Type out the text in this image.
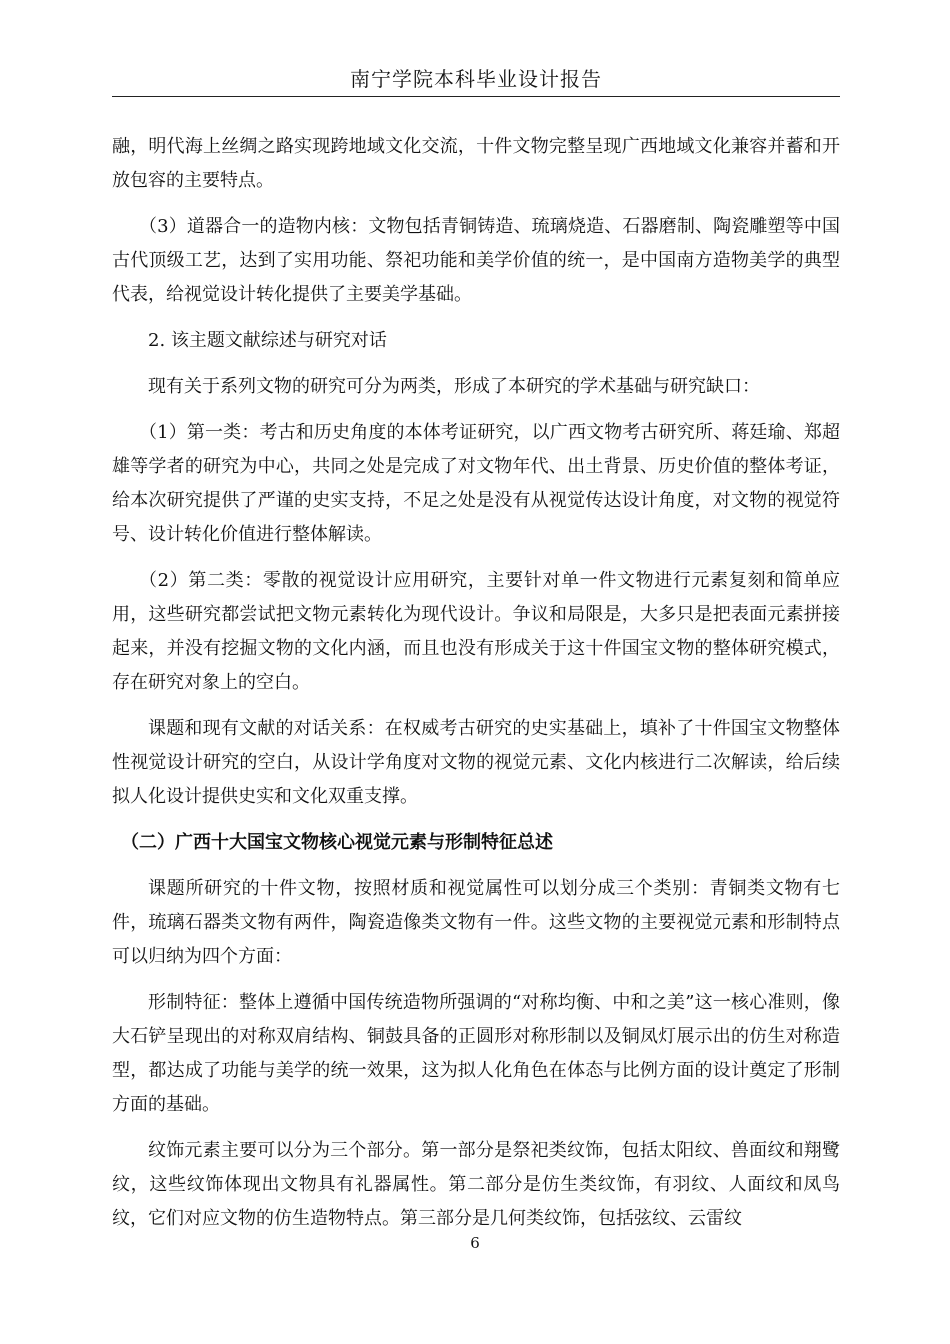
南宁学院本科毕业设计报告

融，明代海上丝绸之路实现跨地域文化交流，十件文物完整呈现广西地域文化兼容并蓄和开放包容的主要特点。

（3）道器合一的造物内核：文物包括青铜铸造、琉璃烧造、石器磨制、陶瓷雕塑等中国古代顶级工艺，达到了实用功能、祭祀功能和美学价值的统一，是中国南方造物美学的典型代表，给视觉设计转化提供了主要美学基础。

2. 该主题文献综述与研究对话

现有关于系列文物的研究可分为两类，形成了本研究的学术基础与研究缺口：

（1）第一类：考古和历史角度的本体考证研究，以广西文物考古研究所、蒋廷瑜、郑超雄等学者的研究为中心，共同之处是完成了对文物年代、出土背景、历史价值的整体考证，给本次研究提供了严谨的史实支持，不足之处是没有从视觉传达设计角度，对文物的视觉符号、设计转化价值进行整体解读。

（2）第二类：零散的视觉设计应用研究，主要针对单一件文物进行元素复刻和简单应用，这些研究都尝试把文物元素转化为现代设计。争议和局限是，大多只是把表面元素拼接起来，并没有挖掘文物的文化内涵，而且也没有形成关于这十件国宝文物的整体研究模式，存在研究对象上的空白。

课题和现有文献的对话关系：在权威考古研究的史实基础上，填补了十件国宝文物整体性视觉设计研究的空白，从设计学角度对文物的视觉元素、文化内核进行二次解读，给后续拟人化设计提供史实和文化双重支撑。

（二）广西十大国宝文物核心视觉元素与形制特征总述

课题所研究的十件文物，按照材质和视觉属性可以划分成三个类别：青铜类文物有七件，琉璃石器类文物有两件，陶瓷造像类文物有一件。这些文物的主要视觉元素和形制特点可以归纳为四个方面：

形制特征：整体上遵循中国传统造物所强调的“对称均衡、中和之美”这一核心准则，像大石铲呈现出的对称双肩结构、铜鼓具备的正圆形对称形制以及铜凤灯展示出的仿生对称造型，都达成了功能与美学的统一效果，这为拟人化角色在体态与比例方面的设计奠定了形制方面的基础。

纹饰元素主要可以分为三个部分。第一部分是祭祀类纹饰，包括太阳纹、兽面纹和翔鹭纹，这些纹饰体现出文物具有礼器属性。第二部分是仿生类纹饰，有羽纹、人面纹和凤鸟纹，它们对应文物的仿生造物特点。第三部分是几何类纹饰，包括弦纹、云雷纹

6
